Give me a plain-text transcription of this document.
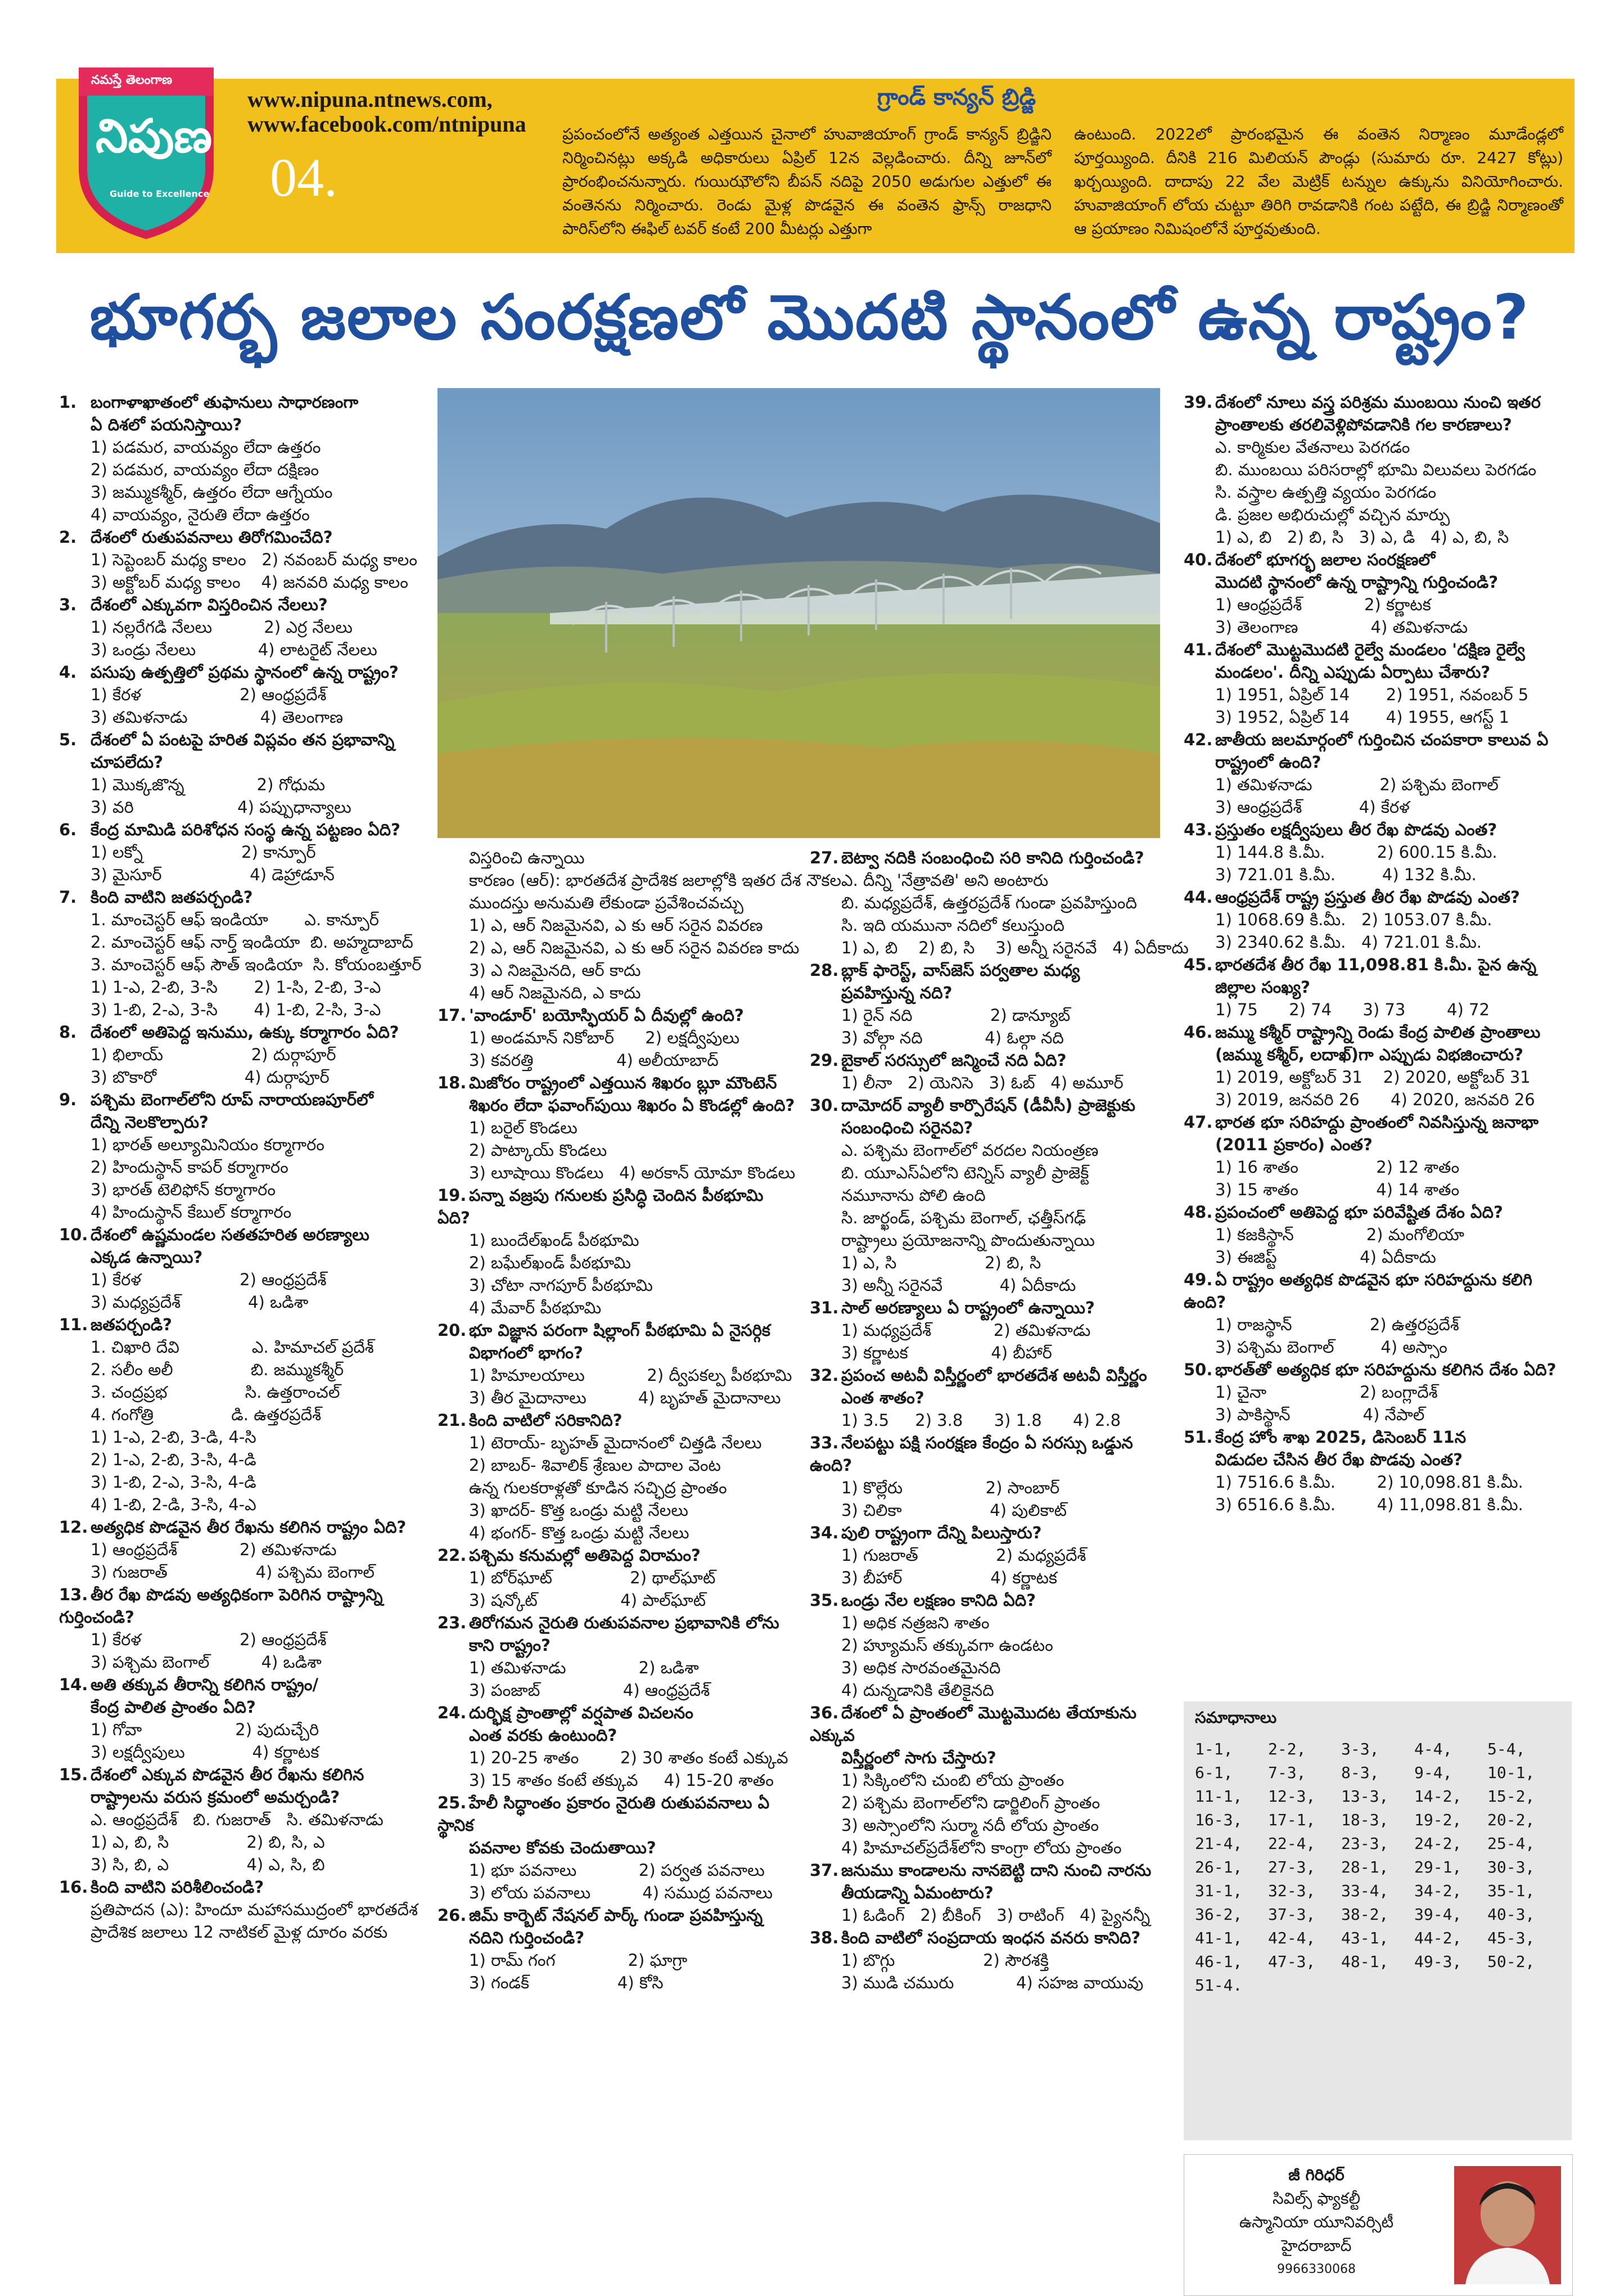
నమస్తే తెలంగాణ
నిపుణ
Guide to Excellence
www.nipuna.ntnews.com,
www.facebook.com/ntnipuna
04.
గ్రాండ్ కాన్యన్ బ్రిడ్జి
ప్రపంచంలోనే అత్యంత ఎత్తయిన చైనాలో హువాజియాంగ్ గ్రాండ్ కాన్యన్ బ్రిడ్జిని నిర్మించినట్లు అక్కడి అధికారులు ఏప్రిల్ 12న వెల్లడించారు. దీన్ని జూన్‌లో ప్రారంభించనున్నారు. గుయిఝౌలోని బీపన్ నదిపై 2050 అడుగుల ఎత్తులో ఈ వంతెనను నిర్మించారు. రెండు మైళ్ల పొడవైన ఈ వంతెన ఫ్రాన్స్ రాజధాని పారిస్‌లోని ఈఫిల్ టవర్ కంటే 200 మీటర్లు ఎత్తుగా
ఉంటుంది. 2022లో ప్రారంభమైన ఈ వంతెన నిర్మాణం మూడేండ్లలో పూర్తయ్యింది. దీనికి 216 మిలియన్ పౌండ్లు (సుమారు రూ. 2427 కోట్లు) ఖర్చయ్యింది. దాదాపు 22 వేల మెట్రిక్ టన్నుల ఉక్కును వినియోగించారు. హువాజియాంగ్ లోయ చుట్టూ తిరిగి రావడానికి గంట పట్టేది, ఈ బ్రిడ్జి నిర్మాణంతో ఆ ప్రయాణం నిమిషంలోనే పూర్తవుతుంది.
భూగర్భ జలాల సంరక్షణలో మొదటి స్థానంలో ఉన్న రాష్ట్రం?
1. బంగాళాఖాతంలో తుఫానులు సాధారణంగా
ఏ దిశలో పయనిస్తాయి?
1) పడమర, వాయవ్యం లేదా ఉత్తరం
2) పడమర, వాయవ్యం లేదా దక్షిణం
3) జమ్ముకశ్మీర్, ఉత్తరం లేదా ఆగ్నేయం
4) వాయవ్యం, నైరుతి లేదా ఉత్తరం
2. దేశంలో రుతుపవనాలు తిరోగమించేది?
1) సెప్టెంబర్ మధ్య కాలం   2) నవంబర్ మధ్య కాలం
3) అక్టోబర్ మధ్య కాలం    4) జనవరి మధ్య కాలం
3. దేశంలో ఎక్కువగా విస్తరించిన నేలలు?
1) నల్లరేగడి నేలలు          2) ఎర్ర నేలలు
3) ఒండ్రు నేలలు            4) లాటరైట్ నేలలు
4. పసుపు ఉత్పత్తిలో ప్రథమ స్థానంలో ఉన్న రాష్ట్రం?
1) కేరళ                   2) ఆంధ్రప్రదేశ్
3) తమిళనాడు              4) తెలంగాణ
5. దేశంలో ఏ పంటపై హరిత విప్లవం తన ప్రభావాన్ని
చూపలేదు?
1) మొక్కజొన్న              2) గోధుమ
3) వరి                    4) పప్పుధాన్యాలు
6. కేంద్ర మామిడి పరిశోధన సంస్థ ఉన్న పట్టణం ఏది?
1) లక్నో                   2) కాన్పూర్
3) మైసూర్                 4) డెహ్రాడూన్
7. కింది వాటిని జతపర్చండి?
1. మాంచెస్టర్ ఆఫ్ ఇండియా       ఎ. కాన్పూర్
2. మాంచెస్టర్ ఆఫ్ నార్త్ ఇండియా  బి. అహ్మదాబాద్
3. మాంచెస్టర్ ఆఫ్ సౌత్ ఇండియా  సి. కోయంబత్తూర్
1) 1-ఎ, 2-బి, 3-సి       2) 1-సి, 2-బి, 3-ఎ
3) 1-బి, 2-ఎ, 3-సి       4) 1-బి, 2-సి, 3-ఎ
8. దేశంలో అతిపెద్ద ఇనుము, ఉక్కు కర్మాగారం ఏది?
1) భిలాయ్                 2) దుర్గాపూర్
3) బొకారో                 4) దుర్గాపూర్
9. పశ్చిమ బెంగాల్‌లోని రూప్ నారాయణపూర్‌లో
దేన్ని నెలకొల్పారు?
1) భారత్ అల్యూమినియం కర్మాగారం
2) హిందుస్థాన్ కాపర్ కర్మాగారం
3) భారత్ టెలిఫోన్ కర్మాగారం
4) హిందుస్థాన్ కేబుల్ కర్మాగారం
10. దేశంలో ఉష్ణమండల సతతహరిత అరణ్యాలు
ఎక్కడ ఉన్నాయి?
1) కేరళ                   2) ఆంధ్రప్రదేశ్
3) మధ్యప్రదేశ్             4) ఒడిశా
11. జతపర్చండి?
1. చిఖారి దేవి              ఎ. హిమాచల్ ప్రదేశ్
2. సలీం అలీ               బి. జమ్ముకశ్మీర్
3. చంద్రప్రభ               సి. ఉత్తరాంచల్
4. గంగోత్రి               డి. ఉత్తరప్రదేశ్
1) 1-ఎ, 2-బి, 3-డి, 4-సి
2) 1-ఎ, 2-బి, 3-సి, 4-డి
3) 1-బి, 2-ఎ, 3-సి, 4-డి
4) 1-బి, 2-డి, 3-సి, 4-ఎ
12. అత్యధిక పొడవైన తీర రేఖను కలిగిన రాష్ట్రం ఏది?
1) ఆంధ్రప్రదేశ్            2) తమిళనాడు
3) గుజరాత్                 4) పశ్చిమ బెంగాల్
13. తీర రేఖ పొడవు అత్యధికంగా పెరిగిన రాష్ట్రాన్ని గుర్తించండి?
1) కేరళ                   2) ఆంధ్రప్రదేశ్
3) పశ్చిమ బెంగాల్          4) ఒడిశా
14. అతి తక్కువ తీరాన్ని కలిగిన రాష్ట్రం/
కేంద్ర పాలిత ప్రాంతం ఏది?
1) గోవా                  2) పుదుచ్చేరి
3) లక్షద్వీపులు             4) కర్ణాటక
15. దేశంలో ఎక్కువ పొడవైన తీర రేఖను కలిగిన
రాష్ట్రాలను వరుస క్రమంలో అమర్చండి?
ఎ. ఆంధ్రప్రదేశ్   బి. గుజరాత్   సి. తమిళనాడు
1) ఎ, బి, సి               2) బి, సి, ఎ
3) సి, బి, ఎ               4) ఎ, సి, బి
16. కింది వాటిని పరిశీలించండి?
ప్రతిపాదన (ఎ): హిందూ మహాసముద్రంలో భారతదేశ
ప్రాదేశిక జలాలు 12 నాటికల్ మైళ్ల దూరం వరకు
విస్తరించి ఉన్నాయి
కారణం (ఆర్): భారతదేశ ప్రాదేశిక జలాల్లోకి ఇతర దేశ నౌకల
ముందస్తు అనుమతి లేకుండా ప్రవేశించవచ్చు
1) ఎ, ఆర్ నిజమైనవి, ఎ కు ఆర్ సరైన వివరణ
2) ఎ, ఆర్ నిజమైనవి, ఎ కు ఆర్ సరైన వివరణ కాదు
3) ఎ నిజమైనది, ఆర్ కాదు
4) ఆర్ నిజమైనది, ఎ కాదు
17. 'వాండూర్' బయోస్ఫియర్ ఏ దీవుల్లో ఉంది?
1) అండమాన్ నికోబార్      2) లక్షద్వీపులు
3) కవరత్తి                4) అలీయాబాద్
18. మిజోరం రాష్ట్రంలో ఎత్తయిన శిఖరం బ్లూ మౌంటెన్
శిఖరం లేదా ఫవాంగ్‌పుయి శిఖరం ఏ కొండల్లో ఉంది?
1) బరైల్ కొండలు
2) పాట్కాయ్ కొండలు
3) లూషాయి కొండలు   4) అరకాన్ యోమా కొండలు
19. పన్నా వజ్రపు గనులకు ప్రసిద్ధి చెందిన పీఠభూమి ఏది?
1) బుందేల్‌ఖండ్ పీఠభూమి
2) బఘేల్‌ఖండ్ పీఠభూమి
3) చోటా నాగపూర్ పీఠభూమి
4) మేవార్ పీఠభూమి
20. భూ విజ్ఞాన పరంగా షిల్లాంగ్ పీఠభూమి ఏ నైసర్గిక
విభాగంలో భాగం?
1) హిమాలయాలు            2) ద్వీపకల్ప పీఠభూమి
3) తీర మైదానాలు          4) బృహత్ మైదానాలు
21. కింది వాటిలో సరికానిది?
1) టెరాయ్- బృహత్ మైదానంలో చిత్తడి నేలలు
2) బాబర్- శివాలిక్ శ్రేణుల పాదాల వెంట
ఉన్న గులకరాళ్లతో కూడిన సచ్ఛిద్ర ప్రాంతం
3) ఖాదర్- కొత్త ఒండ్రు మట్టి నేలలు
4) భంగర్- కొత్త ఒండ్రు మట్టి నేలలు
22. పశ్చిమ కనుమల్లో అతిపెద్ద విరామం?
1) బోర్‌ఘాట్               2) థాల్‌ఘాట్
3) షన్కోట్                4) పాల్‌ఘాట్
23. తిరోగమన నైరుతి రుతుపవనాల ప్రభావానికి లోను
కాని రాష్ట్రం?
1) తమిళనాడు              2) ఒడిశా
3) పంజాబ్                4) ఆంధ్రప్రదేశ్
24. దుర్భిక్ష ప్రాంతాల్లో వర్షపాత విచలనం
ఎంత వరకు ఉంటుంది?
1) 20-25 శాతం        2) 30 శాతం కంటే ఎక్కువ
3) 15 శాతం కంటే తక్కువ     4) 15-20 శాతం
25. హేలీ సిద్ధాంతం ప్రకారం నైరుతి రుతుపవనాలు ఏ స్థానిక
పవనాల కోవకు చెందుతాయి?
1) భూ పవనాలు            2) పర్వత పవనాలు
3) లోయ పవనాలు          4) సముద్ర పవనాలు
26. జిమ్ కార్బెట్ నేషనల్ పార్క్ గుండా ప్రవహిస్తున్న
నదిని గుర్తించండి?
1) రామ్ గంగ              2) ఘాగ్రా
3) గండక్                 4) కోసి
27. బెట్వా నదికి సంబంధించి సరి కానిది గుర్తించండి?
ఎ. దీన్ని 'నేత్రావతి' అని అంటారు
బి. మధ్యప్రదేశ్, ఉత్తరప్రదేశ్ గుండా ప్రవహిస్తుంది
సి. ఇది యమునా నదిలో కలుస్తుంది
1) ఎ, బి    2) బి, సి    3) అన్నీ సరైనవే   4) ఏదీకాదు
28. బ్లాక్ ఫారెస్ట్, వాస్‌జెస్ పర్వతాల మధ్య
ప్రవహిస్తున్న నది?
1) రైన్ నది               2) డాన్యూబ్
3) వోల్గా నది            4) ఓల్గా నది
29. బైకాల్ సరస్సులో జన్మించే నది ఏది?
1) లీనా   2) యెనిసె   3) ఓబ్   4) అమూర్
30. దామోదర్ వ్యాలీ కార్పొరేషన్ (డీవీసీ) ప్రాజెక్టుకు
సంబంధించి సరైనవి?
ఎ. పశ్చిమ బెంగాల్‌లో వరదల నియంత్రణ
బి. యూఎస్ఏలోని టెన్నిస్ వ్యాలీ ప్రాజెక్ట్
నమూనాను పోలి ఉంది
సి. జార్ఖండ్, పశ్చిమ బెంగాల్, ఛత్తీస్‌గఢ్
రాష్ట్రాలు ప్రయోజనాన్ని పొందుతున్నాయి
1) ఎ, సి                 2) బి, సి
3) అన్నీ సరైనవే           4) ఏదీకాదు
31. సాల్ అరణ్యాలు ఏ రాష్ట్రంలో ఉన్నాయి?
1) మధ్యప్రదేశ్            2) తమిళనాడు
3) కర్ణాటక                4) బీహార్
32. ప్రపంచ అటవీ విస్తీర్ణంలో భారతదేశ అటవీ విస్తీర్ణం
ఎంత శాతం?
1) 3.5     2) 3.8      3) 1.8      4) 2.8
33. నేలపట్టు పక్షి సంరక్షణ కేంద్రం ఏ సరస్సు ఒడ్డున ఉంది?
1) కొల్లేరు                2) సాంబార్
3) చిలికా                 4) పులికాట్
34. పులి రాష్ట్రంగా దేన్ని పిలుస్తారు?
1) గుజరాత్               2) మధ్యప్రదేశ్
3) బీహార్                 4) కర్ణాటక
35. ఒండ్రు నేల లక్షణం కానిది ఏది?
1) అధిక నత్రజని శాతం
2) హ్యూమస్ తక్కువగా ఉండటం
3) అధిక సారవంతమైనది
4) దున్నడానికి తేలికైనది
36. దేశంలో ఏ ప్రాంతంలో మొట్టమొదట తేయాకును ఎక్కువ
విస్తీర్ణంలో సాగు చేస్తారు?
1) సిక్కింలోని చుంబి లోయ ప్రాంతం
2) పశ్చిమ బెంగాల్‌లోని డార్జిలింగ్ ప్రాంతం
3) అస్సాంలోని సుర్మా నదీ లోయ ప్రాంతం
4) హిమాచల్‌ప్రదేశ్‌లోని కాంగ్రా లోయ ప్రాంతం
37. జనుము కాండాలను నానబెట్టి దాని నుంచి నారను
తీయడాన్ని ఏమంటారు?
1) ఓడింగ్   2) బీకింగ్   3) రాటింగ్   4) ప్యైనన్నీ
38. కింది వాటిలో సంప్రదాయ ఇంధన వనరు కానిది?
1) బొగ్గు                 2) సౌరశక్తి
3) ముడి చమురు            4) సహజ వాయువు
39. దేశంలో నూలు వస్త్ర పరిశ్రమ ముంబయి నుంచి ఇతర
ప్రాంతాలకు తరలివెళ్లిపోవడానికి గల కారణాలు?
ఎ. కార్మికుల వేతనాలు పెరగడం
బి. ముంబయి పరిసరాల్లో భూమి విలువలు పెరగడం
సి. వస్త్రాల ఉత్పత్తి వ్యయం పెరగడం
డి. ప్రజల అభిరుచుల్లో వచ్చిన మార్పు
1) ఎ, బి   2) బి, సి   3) ఎ, డి   4) ఎ, బి, సి
40. దేశంలో భూగర్భ జలాల సంరక్షణలో
మొదటి స్థానంలో ఉన్న రాష్ట్రాన్ని గుర్తించండి?
1) ఆంధ్రప్రదేశ్            2) కర్ణాటక
3) తెలంగాణ              4) తమిళనాడు
41. దేశంలో మొట్టమొదటి రైల్వే మండలం 'దక్షిణ రైల్వే
మండలం'. దీన్ని ఎప్పుడు ఏర్పాటు చేశారు?
1) 1951, ఏప్రిల్ 14       2) 1951, నవంబర్ 5
3) 1952, ఏప్రిల్ 14       4) 1955, ఆగస్ట్ 1
42. జాతీయ జలమార్గంలో గుర్తించిన చంపకారా కాలువ ఏ
రాష్ట్రంలో ఉంది?
1) తమిళనాడు             2) పశ్చిమ బెంగాల్
3) ఆంధ్రప్రదేశ్           4) కేరళ
43. ప్రస్తుతం లక్షద్వీపులు తీర రేఖ పొడవు ఎంత?
1) 144.8 కి.మీ.          2) 600.15 కి.మీ.
3) 721.01 కి.మీ.         4) 132 కి.మీ.
44. ఆంధ్రప్రదేశ్ రాష్ట్ర ప్రస్తుత తీర రేఖ పొడవు ఎంత?
1) 1068.69 కి.మీ.   2) 1053.07 కి.మీ.
3) 2340.62 కి.మీ.   4) 721.01 కి.మీ.
45. భారతదేశ తీర రేఖ 11,098.81 కి.మీ. పైన ఉన్న
జిల్లాల సంఖ్య?
1) 75      2) 74      3) 73        4) 72
46. జమ్ము కశ్మీర్ రాష్ట్రాన్ని రెండు కేంద్ర పాలిత ప్రాంతాలు
(జమ్ము కశ్మీర్, లదాఖ్)గా ఎప్పుడు విభజించారు?
1) 2019, అక్టోబర్ 31    2) 2020, అక్టోబర్ 31
3) 2019, జనవరి 26      4) 2020, జనవరి 26
47. భారత భూ సరిహద్దు ప్రాంతంలో నివసిస్తున్న జనాభా
(2011 ప్రకారం) ఎంత?
1) 16 శాతం               2) 12 శాతం
3) 15 శాతం               4) 14 శాతం
48. ప్రపంచంలో అతిపెద్ద భూ పరివేష్టిత దేశం ఏది?
1) కజకిస్థాన్              2) మంగోలియా
3) ఈజిప్ట్                4) ఏదీకాదు
49. ఏ రాష్ట్రం అత్యధిక పొడవైన భూ సరిహద్దును కలిగి ఉంది?
1) రాజస్థాన్               2) ఉత్తరప్రదేశ్
3) పశ్చిమ బెంగాల్         4) అస్సాం
50. భారత్‌తో అత్యధిక భూ సరిహద్దును కలిగిన దేశం ఏది?
1) చైనా                  2) బంగ్లాదేశ్
3) పాకిస్థాన్              4) నేపాల్
51. కేంద్ర హోం శాఖ 2025, డిసెంబర్ 11న
విడుదల చేసిన తీర రేఖ పొడవు ఎంత?
1) 7516.6 కి.మీ.        2) 10,098.81 కి.మీ.
3) 6516.6 కి.మీ.        4) 11,098.81 కి.మీ.
సమాధానాలు
1-1,	2-2,	3-3,	4-4,	5-4,
6-1,	7-3,	8-3,	9-4,	10-1,
11-1,	12-3,	13-3,	14-2,	15-2,
16-3,	17-1,	18-3,	19-2,	20-2,
21-4,	22-4,	23-3,	24-2,	25-4,
26-1,	27-3,	28-1,	29-1,	30-3,
31-1,	32-3,	33-4,	34-2,	35-1,
36-2,	37-3,	38-2,	39-4,	40-3,
41-1,	42-4,	43-1,	44-2,	45-3,
46-1,	47-3,	48-1,	49-3,	50-2,
51-4.
జీ గిరిధర్
సివిల్స్ ఫ్యాకల్టీ
ఉస్మానియా యూనివర్సిటీ
హైదరాబాద్
9966330068
